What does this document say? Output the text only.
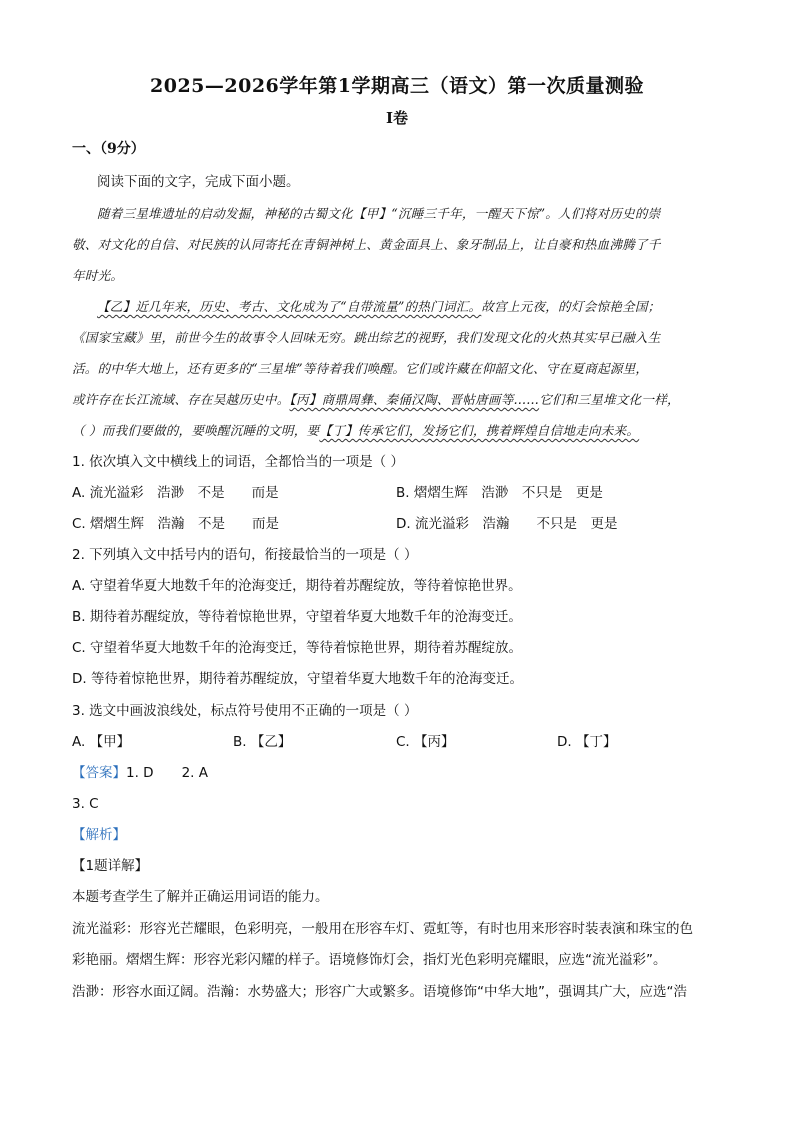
2025—2026学年第1学期高三（语文）第一次质量测验
I卷
一、（9分）
阅读下面的文字，完成下面小题。
随着三星堆遗址的启动发掘，神秘的古蜀文化【甲】“沉睡三千年，一醒天下惊”。人们将对历史的崇
敬、对文化的自信、对民族的认同寄托在青铜神树上、黄金面具上、象牙制品上，让自豪和热血沸腾了千
年时光。
【乙】近几年来，历史、考古、文化成为了“自带流量”的热门词汇。故宫上元夜，的灯会惊艳全国；
《国家宝藏》里，前世今生的故事令人回味无穷。跳出综艺的视野，我们发现文化的火热其实早已融入生
活。的中华大地上，还有更多的“三星堆”等待着我们唤醒。它们或许藏在仰韶文化、守在夏商起源里，
或许存在长江流域、存在吴越历史中。【丙】商鼎周彝、秦俑汉陶、晋帖唐画等……它们和三星堆文化一样，
（ ）而我们要做的，要唤醒沉睡的文明，要【丁】传承它们，发扬它们，携着辉煌自信地走向未来。
1. 依次填入文中横线上的词语，全都恰当的一项是（ ）
A. 流光溢彩　浩渺　不是　　而是	B. 熠熠生辉　浩渺　不只是　更是
C. 熠熠生辉　浩瀚　不是　　而是	D. 流光溢彩　浩瀚　　不只是　更是
2. 下列填入文中括号内的语句，衔接最恰当的一项是（ ）
A. 守望着华夏大地数千年的沧海变迁，期待着苏醒绽放，等待着惊艳世界。
B. 期待着苏醒绽放，等待着惊艳世界，守望着华夏大地数千年的沧海变迁。
C. 守望着华夏大地数千年的沧海变迁，等待着惊艳世界，期待着苏醒绽放。
D. 等待着惊艳世界，期待着苏醒绽放，守望着华夏大地数千年的沧海变迁。
3. 选文中画波浪线处，标点符号使用不正确的一项是（ ）
A. 【甲】	B. 【乙】	C. 【丙】	D. 【丁】
【答案】1. D 2. A
3. C
【解析】
【1题详解】
本题考查学生了解并正确运用词语的能力。
流光溢彩：形容光芒耀眼，色彩明亮，一般用在形容车灯、霓虹等，有时也用来形容时装表演和珠宝的色
彩艳丽。熠熠生辉：形容光彩闪耀的样子。语境修饰灯会，指灯光色彩明亮耀眼，应选“流光溢彩”。
浩渺：形容水面辽阔。浩瀚：水势盛大；形容广大或繁多。语境修饰“中华大地”，强调其广大，应选“浩
